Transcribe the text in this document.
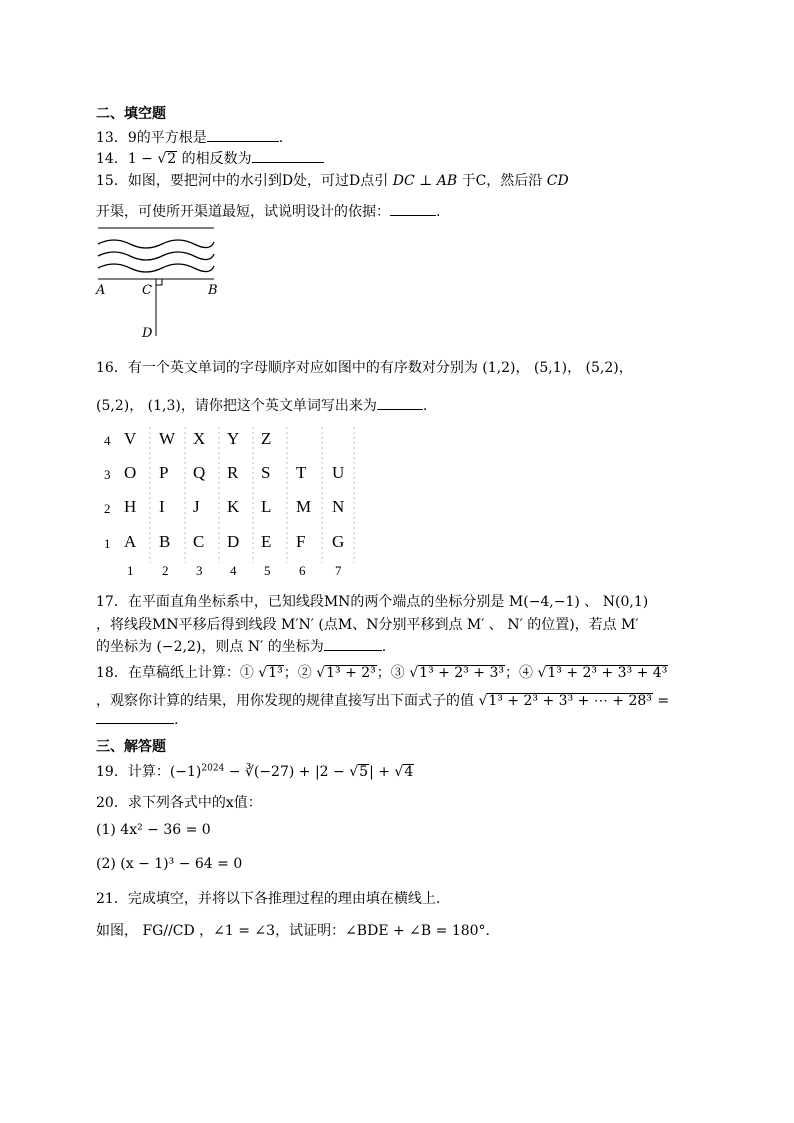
二、填空题
13．9的平方根是	.
14．1 − √2 的相反数为
15．如图，要把河中的水引到D处，可过D点引 DC ⊥ AB 于C，然后沿 CD
开渠，可使所开渠道最短，试说明设计的依据：	.
A	C	B
D
16．有一个英文单词的字母顺序对应如图中的有序数对分别为 (1,2)， (5,1)， (5,2)，
(5,2)， (1,3)，请你把这个英文单词写出来为	.
4 V W X Y Z
3 O P Q R S T U
2 H I J K L M N
1 A B C D E F G
1 2 3 4 5 6 7
17．在平面直角坐标系中，已知线段MN的两个端点的坐标分别是 M(−4,−1) 、 N(0,1)
，将线段MN平移后得到线段 M′N′ (点M、N分别平移到点 M′ 、 N′ 的位置)，若点 M′
的坐标为 (−2,2)，则点 N′ 的坐标为	.
18．在草稿纸上计算：① √1³；② √1³ + 2³；③ √1³ + 2³ + 3³；④ √1³ + 2³ + 3³ + 4³
，观察你计算的结果，用你发现的规律直接写出下面式子的值 √1³ + 2³ + 3³ + ⋯ + 28³ =
.
三、解答题
19．计算：$(-1)^{2024}$ − ∛(−27) + |2 − √5| + √4
20．求下列各式中的x值：
(1) 4x² − 36 = 0
(2) (x − 1)³ − 64 = 0
21．完成填空，并将以下各推理过程的理由填在横线上.
如图， FG//CD ，∠1 = ∠3，试证明：∠BDE + ∠B = 180°.
